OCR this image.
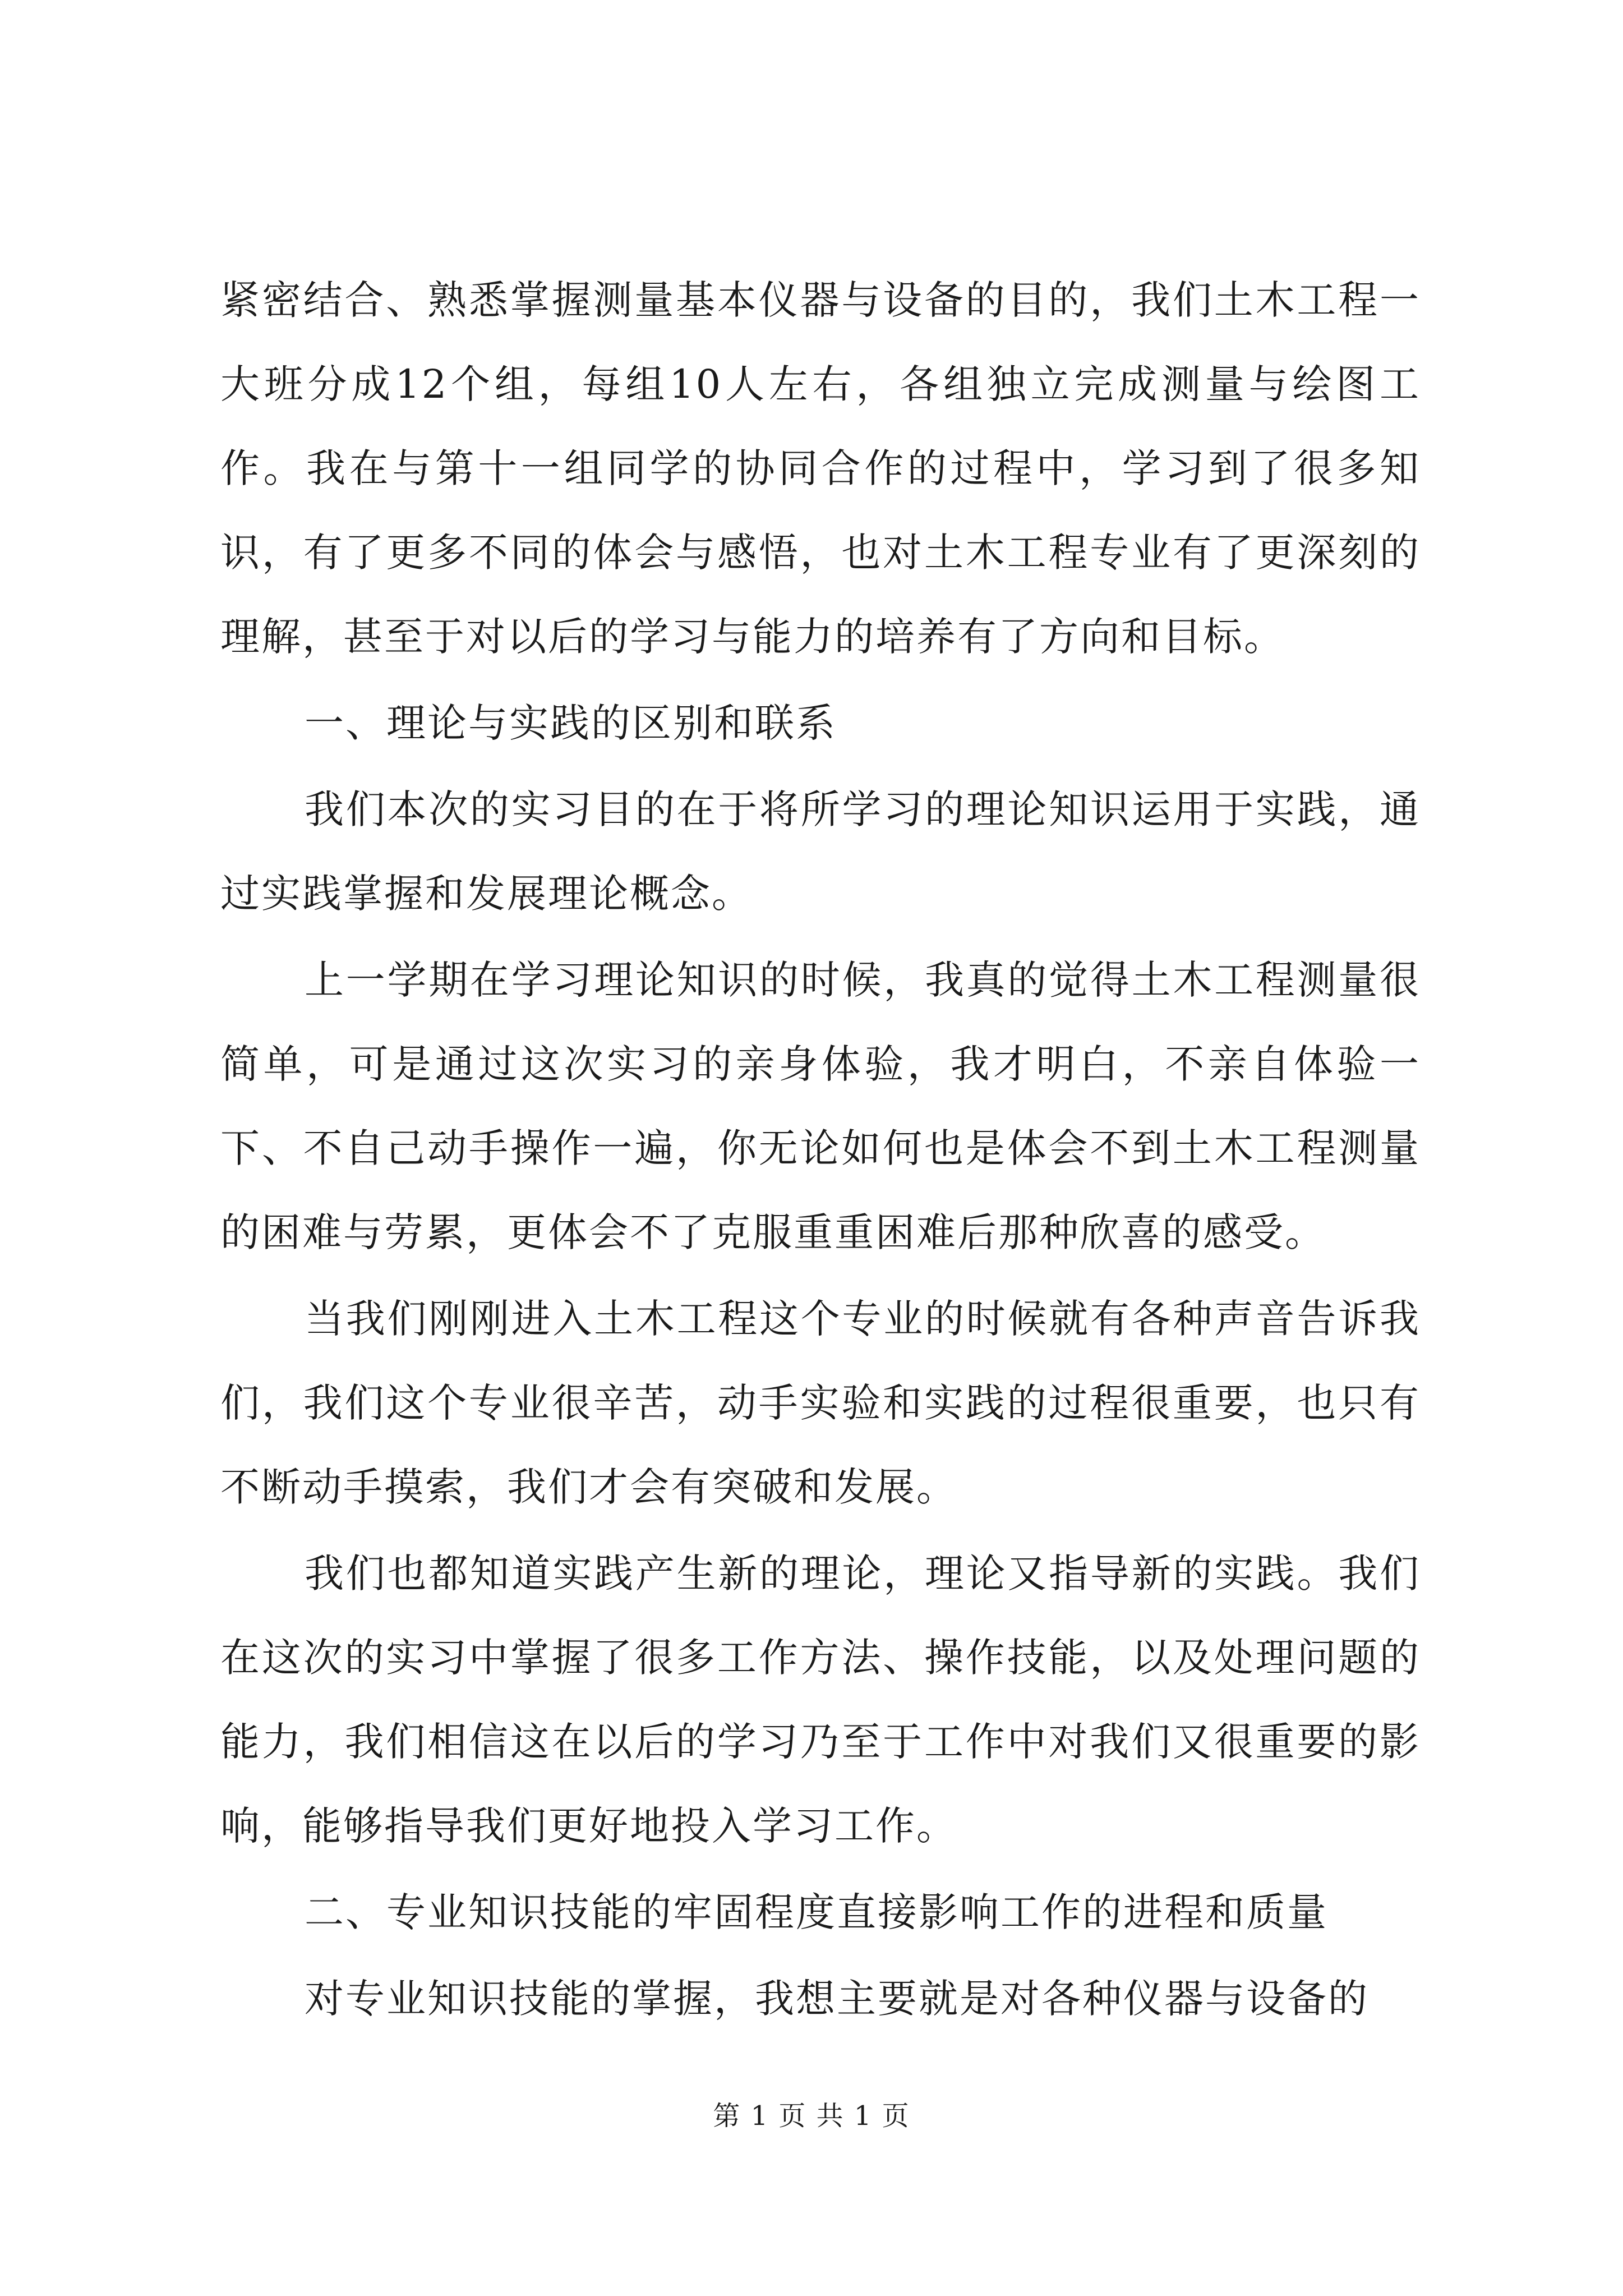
紧密结合、熟悉掌握测量基本仪器与设备的目的，我们土木工程一大班分成12个组，每组10人左右，各组独立完成测量与绘图工作。我在与第十一组同学的协同合作的过程中，学习到了很多知识，有了更多不同的体会与感悟，也对土木工程专业有了更深刻的理解，甚至于对以后的学习与能力的培养有了方向和目标。

一、理论与实践的区别和联系

我们本次的实习目的在于将所学习的理论知识运用于实践，通过实践掌握和发展理论概念。

上一学期在学习理论知识的时候，我真的觉得土木工程测量很简单，可是通过这次实习的亲身体验，我才明白，不亲自体验一下、不自己动手操作一遍，你无论如何也是体会不到土木工程测量的困难与劳累，更体会不了克服重重困难后那种欣喜的感受。

当我们刚刚进入土木工程这个专业的时候就有各种声音告诉我们，我们这个专业很辛苦，动手实验和实践的过程很重要，也只有不断动手摸索，我们才会有突破和发展。

我们也都知道实践产生新的理论，理论又指导新的实践。我们在这次的实习中掌握了很多工作方法、操作技能，以及处理问题的能力，我们相信这在以后的学习乃至于工作中对我们又很重要的影响，能够指导我们更好地投入学习工作。

二、专业知识技能的牢固程度直接影响工作的进程和质量

对专业知识技能的掌握，我想主要就是对各种仪器与设备的

第 1 页 共 1 页
